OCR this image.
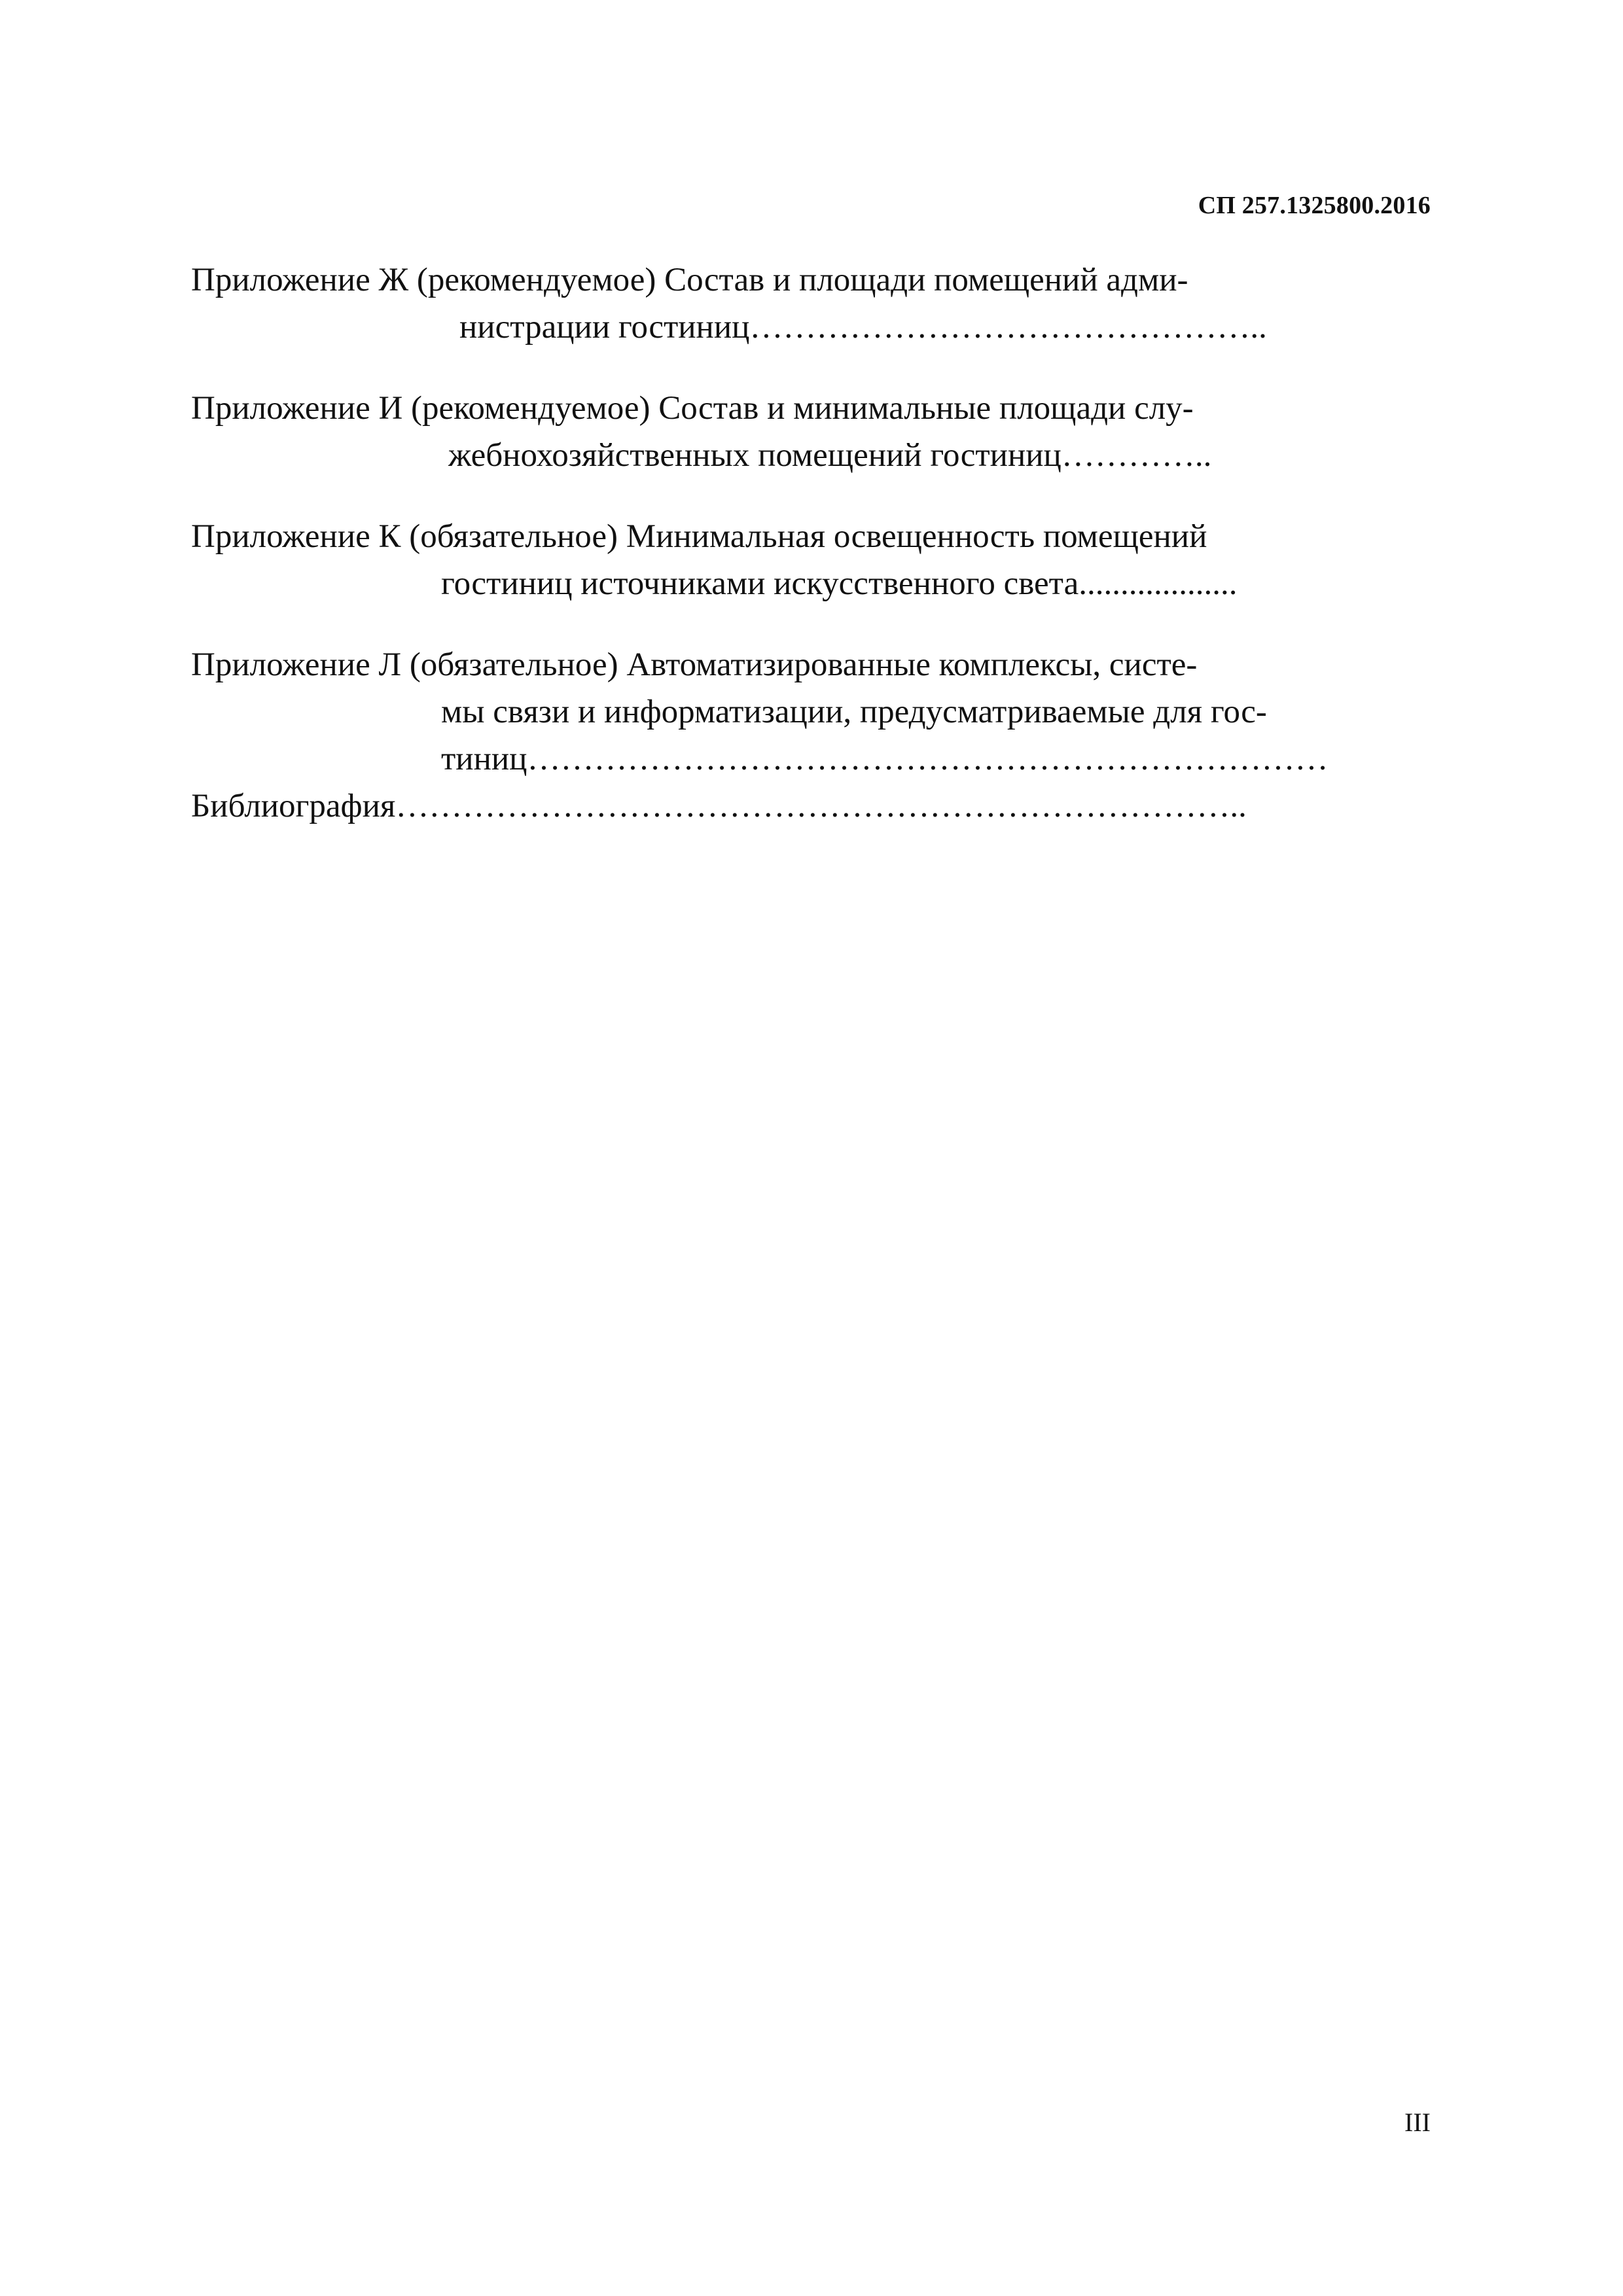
СП 257.1325800.2016
Приложение Ж (рекомендуемое) Состав и площади помещений адми-
нистрации гостиниц………………………………………..
Приложение И (рекомендуемое) Состав и минимальные площади слу-
жебнохозяйственных помещений гостиниц…………..
Приложение К (обязательное) Минимальная освещенность помещений
гостиниц источниками искусственного света...................
Приложение Л (обязательное) Автоматизированные комплексы, систе-
мы связи и информатизации, предусматриваемые для гос-
тиниц………………………………………………………………
Библиография…………………………………………………………………..
III
